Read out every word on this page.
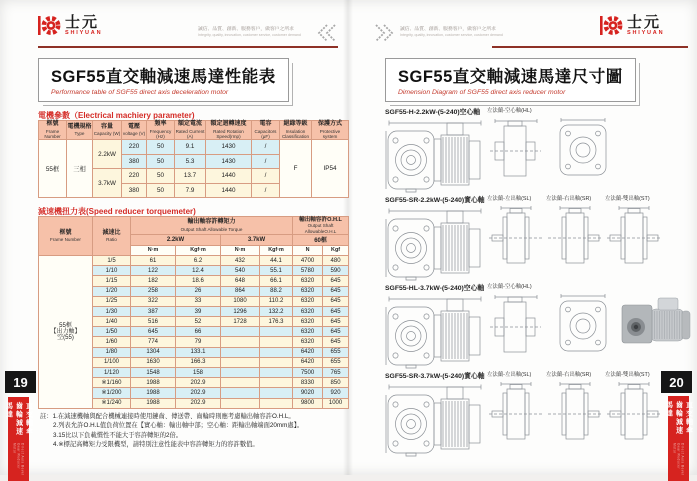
士元
SHIYUAN
誠信、品質、創新、服務客戶，做客戶之所求
Integrity, quality, innovation, customer service, customer demand
SGF55直交軸減速馬達性能表
Performance table of SGF55 direct axis deceleration motor
電機參數（Electrical machiery parameter)
框號
Frame Number

電機規格
Type

容量
Capacity (W)

電壓
voltage (V)

頻率
Frequency (Hz)

額定電流
Rated Current (A)

額定迴轉速度
Rated Rotation Speed(rmp)

電容
Capacitors (μF)

絕緣等級
Insulation Classification

保護方式
Protective system

55框	三相	2.2kW	220	50	9.1	1430	/	F	IP54
			380	50	5.3	1430	/		
		3.7kW	220	50	13.7	1440	/		
			380	50	7.9	1440	/		
減速機扭力表(Speed reducer torquemeter)
框號
Frame Number

減速比
Ratio

輸出軸容許轉矩力
Output Shaft Allowable Torque

輸出軸容許O.H.L
Output Shaft
AllowableO.H.L

		2.2kW		3.7kW		60框	
		N·m	Kgf·m	N·m	Kgf·m	N	Kgf
55框
【出力軸】
空(55)	1/5	61	6.2	432	44.1	4700	480
	1/10	122	12.4	540	55.1	5780	590
	1/15	182	18.6	648	66.1	6320	645
	1/20	258	26	864	88.2	6320	645
	1/25	322	33	1080	110.2	6320	645
	1/30	387	39	1296	132.2	6320	645
	1/40	516	52	1728	176.3	6320	645
	1/50	645	66			6320	645
	1/60	774	79			6320	645
	1/80	1304	133.1			6420	655
	1/100	1630	166.3			6420	655
	1/120	1548	158			7500	765
	※1/160	1988	202.9			8330	850
	※1/200	1988	202.9			9020	920
	※1/240	1988	202.9			9800	1000
註：1.在減速機軸與配合機械連接時使用鏈齒、傳送帶、齒輪時則應考慮輸出軸容許O.H.L。
2.列表允許O.H.L值負荷位置在【實心軸：輸出軸中部；空心軸：距輸出軸端面20mm處】。
3.15比以下負載慣性不能大于容許轉矩的2倍。
4.※標記高轉矩力受限機型，請特別注意性能表中容許轉矩力的容許數值。
19
直交軸傘齒輪減速馬達
Direct Axis Bevel Gear Reducer Motor
誠信、品質、創新、服務客戶，做客戶之所求
Integrity, quality, innovation, customer service, customer demand
士元
SHIYUAN
SGF55直交軸減速馬達尺寸圖
Dimension Diagram of SGF55 direct axis reducer motor
SGF55-H-2.2kW-(5-240)空心軸	左法蘭-空心軸(HL)
SGF55-SR-2.2kW-(5-240)實心軸 左法蘭-左出軸(SL)	左法蘭-右出軸(SR)	左法蘭-雙出軸(ST)
SGF55-HL-3.7kW-(5-240)空心軸 左法蘭-空心軸(HL)
SGF55-SR-3.7kW-(5-240)實心軸 左法蘭-左出軸(SL)	左法蘭-右出軸(SR)	左法蘭-雙出軸(ST)	20
直交軸傘齒輪減速馬達
Direct Axis Bevel Gear Reducer Motor
